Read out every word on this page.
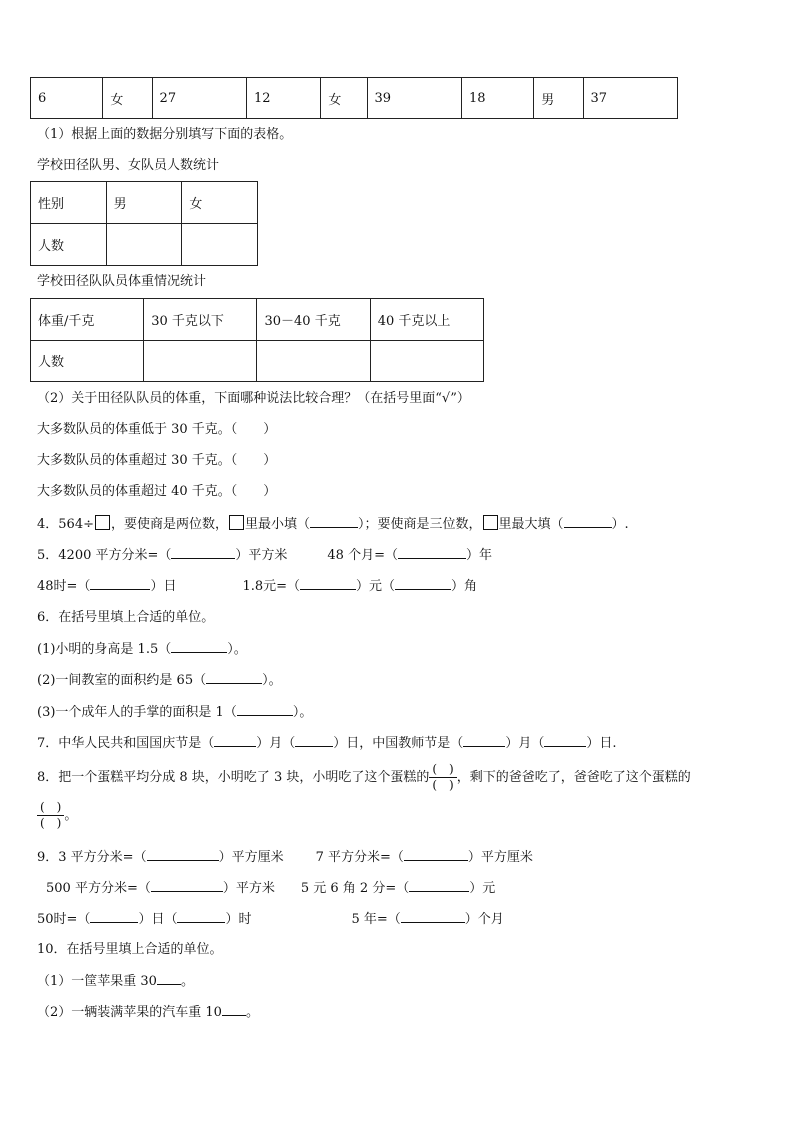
6	女	27	12	女	39	18	男	37
（1）根据上面的数据分别填写下面的表格。
学校田径队男、女队员人数统计
性别	男	女
人数		
学校田径队队员体重情况统计
体重/千克	30 千克以下	30－40 千克	40 千克以上
人数			
（2）关于田径队队员的体重，下面哪种说法比较合理？（在括号里面“√”）
大多数队员的体重低于 30 千克。（　　）
大多数队员的体重超过 30 千克。（　　）
大多数队员的体重超过 40 千克。（　　）
4．564÷ ，要使商是两位数， 里最小填（	）；要使商是三位数， 里最大填（	）.
5．4200 平方分米=（	）平方米	48 个月=（	）年
48时=（	）日	1.8元=（	）元（	）角
6．在括号里填上合适的单位。
(1)小明的身高是 1.5（	）。
(2)一间教室的面积约是 65（	）。
(3)一个成年人的手掌的面积是 1（	）。
7．中华人民共和国国庆节是（	）月（	）日，中国教师节是（	）月（	）日.
8．把一个蛋糕平均分成 8 块，小明吃了 3 块，小明吃了这个蛋糕的 $\frac{( )}{( )}$ ，剩下的爸爸吃了，爸爸吃了这个蛋糕的
$\frac{( )}{( )}$ 。
9．3 平方分米=（	）平方厘米 7 平方分米=（	）平方厘米
500 平方分米=（	）平方米 5 元 6 角 2 分=（	）元
50时=（	）日（	）时	5 年=（	）个月
10．在括号里填上合适的单位。
（1）一筐苹果重 30 。
（2）一辆装满苹果的汽车重 10 。
